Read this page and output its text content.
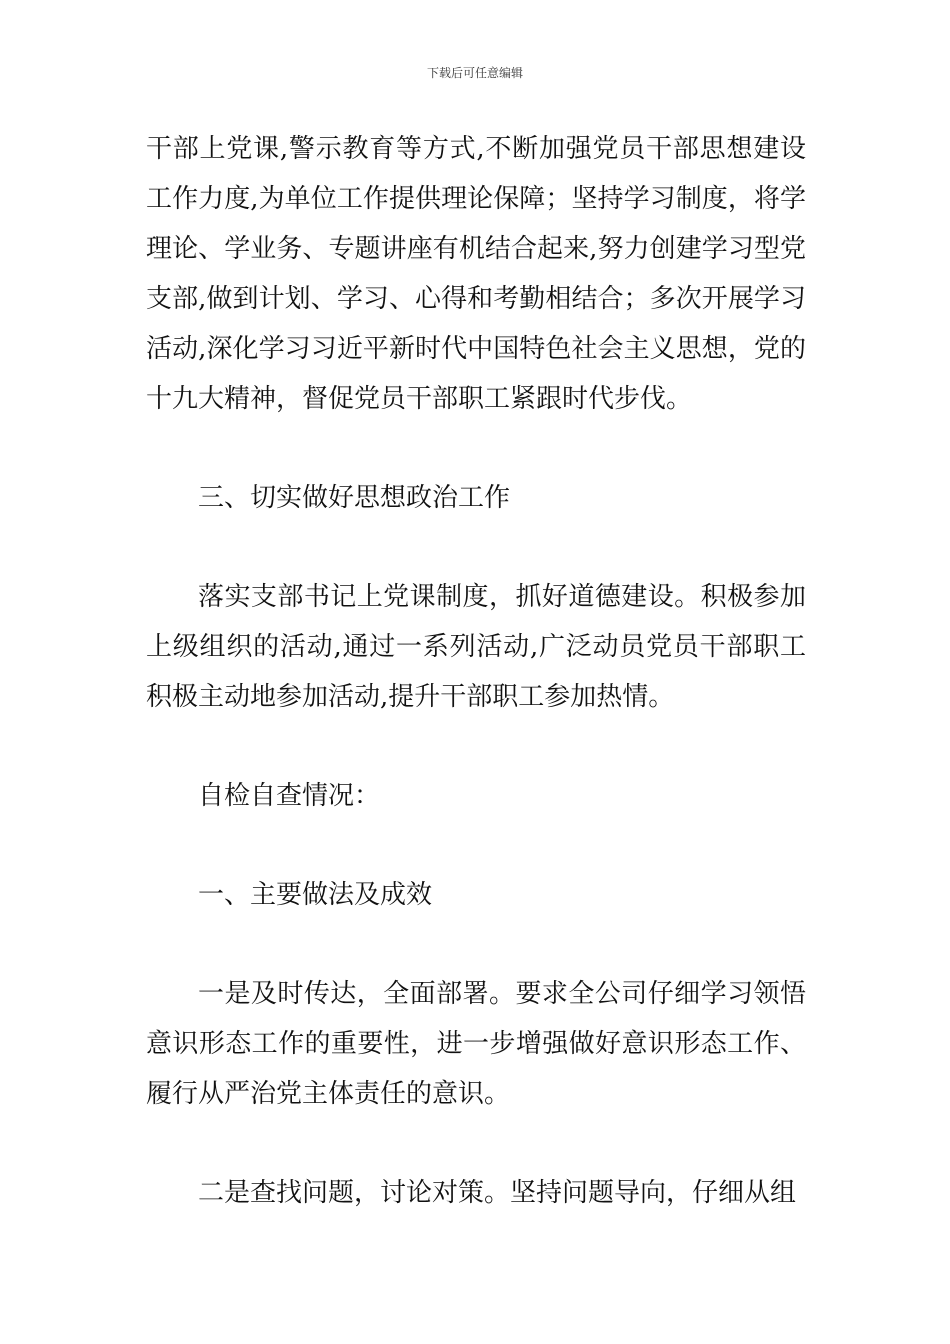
下载后可任意编辑

干部上党课,警示教育等方式,不断加强党员干部思想建设工作力度,为单位工作提供理论保障；坚持学习制度，将学理论、学业务、专题讲座有机结合起来,努力创建学习型党支部,做到计划、学习、心得和考勤相结合；多次开展学习活动,深化学习习近平新时代中国特色社会主义思想，党的十九大精神，督促党员干部职工紧跟时代步伐。

三、切实做好思想政治工作

落实支部书记上党课制度，抓好道德建设。积极参加上级组织的活动,通过一系列活动,广泛动员党员干部职工积极主动地参加活动,提升干部职工参加热情。

自检自查情况：

一、主要做法及成效

一是及时传达，全面部署。要求全公司仔细学习领悟意识形态工作的重要性，进一步增强做好意识形态工作、履行从严治党主体责任的意识。

二是查找问题，讨论对策。坚持问题导向，仔细从组
